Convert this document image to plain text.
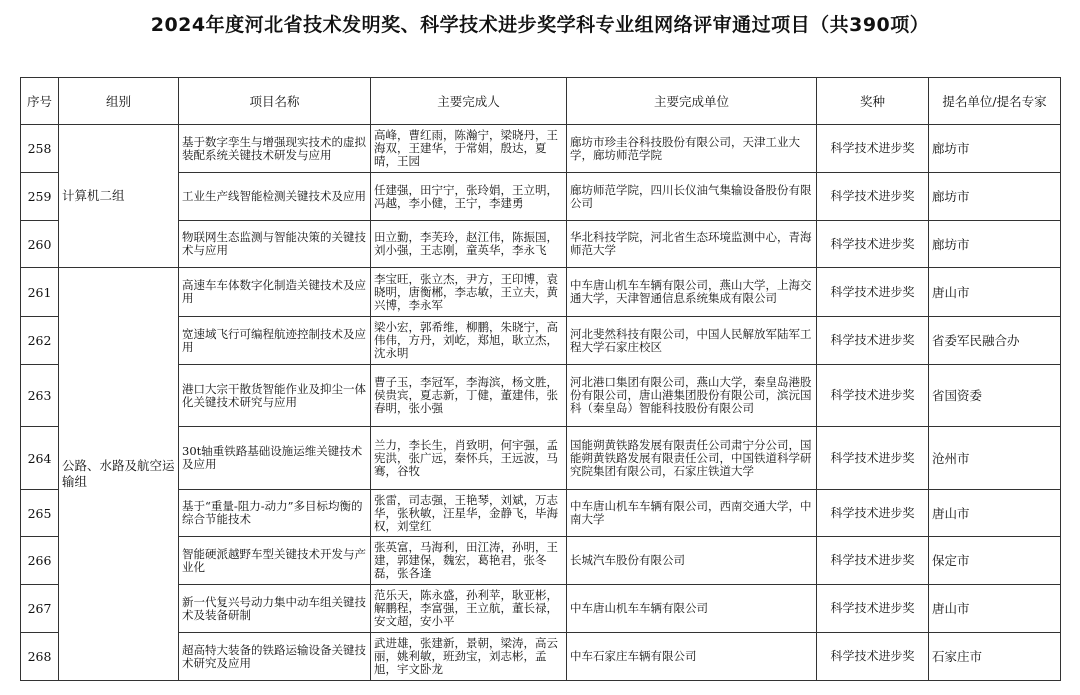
2024年度河北省技术发明奖、科学技术进步奖学科专业组网络评审通过项目（共390项）
序号	组别	项目名称	主要完成人	主要完成单位	奖种	提名单位/提名专家
258	计算机二组	基于数字孪生与增强现实技术的虚拟装配系统关键技术研发与应用	高峰，曹红雨，陈瀚宁，梁晓丹，王海双，王建华，于常娟，殷达，夏晴，王园	廊坊市珍圭谷科技股份有限公司，天津工业大学，廊坊师范学院	科学技术进步奖	廊坊市
259		工业生产线智能检测关键技术及应用	任建强，田宁宁，张玲娟，王立明，冯越，李小健，王宁，李建勇	廊坊师范学院，四川长仪油气集输设备股份有限公司	科学技术进步奖	廊坊市
260		物联网生态监测与智能决策的关键技术与应用	田立勤，李芙玲，赵江伟，陈振国，刘小强，王志刚，童英华，李永飞	华北科技学院，河北省生态环境监测中心，青海师范大学	科学技术进步奖	廊坊市
261	公路、水路及航空运输组	高速车车体数字化制造关键技术及应用	李宝旺，张立杰，尹方，王印博，袁晓明，唐衡郴，李志敏，王立夫，黄兴博，李永军	中车唐山机车车辆有限公司，燕山大学，上海交通大学，天津智通信息系统集成有限公司	科学技术进步奖	唐山市
262		宽速域飞行可编程航迹控制技术及应用	梁小宏，郭希维，柳鹏，朱晓宁，高伟伟，方丹，刘屹，郑旭，耿立杰，沈永明	河北斐然科技有限公司，中国人民解放军陆军工程大学石家庄校区	科学技术进步奖	省委军民融合办
263		港口大宗干散货智能作业及抑尘一体化关键技术研究与应用	曹子玉，李冠军，李海滨，杨文胜，侯贵宾，夏志新，丁健，董建伟，张春明，张小强	河北港口集团有限公司，燕山大学，秦皇岛港股份有限公司，唐山港集团股份有限公司，滨沅国科（秦皇岛）智能科技股份有限公司	科学技术进步奖	省国资委
264		30t轴重铁路基础设施运维关键技术及应用	兰力，李长生，肖致明，何宇强，孟宪洪，张广远，秦怀兵，王远波，马骞，谷牧	国能朔黄铁路发展有限责任公司肃宁分公司，国能朔黄铁路发展有限责任公司，中国铁道科学研究院集团有限公司，石家庄铁道大学	科学技术进步奖	沧州市
265		基于“重量-阻力-动力”多目标均衡的综合节能技术	张雷，司志强，王艳琴，刘斌，万志华，张秋敏，汪星华，金静飞，毕海权，刘堂红	中车唐山机车车辆有限公司，西南交通大学，中南大学	科学技术进步奖	唐山市
266		智能硬派越野车型关键技术开发与产业化	张英富，马海利，田江涛，孙明，王建，郭建保，魏宏，葛艳君，张冬磊，张各逢	长城汽车股份有限公司	科学技术进步奖	保定市
267		新一代复兴号动力集中动车组关键技术及装备研制	范乐天，陈永盛，孙利苹，耿亚彬，解鹏程，李富强，王立航，董长禄，安文超，安小平	中车唐山机车车辆有限公司	科学技术进步奖	唐山市
268		超高特大装备的铁路运输设备关键技术研究及应用	武进雄，张建新，景朝，梁涛，高云丽，姚利敏，班劲宝，刘志彬，孟旭，宇文卧龙	中车石家庄车辆有限公司	科学技术进步奖	石家庄市
